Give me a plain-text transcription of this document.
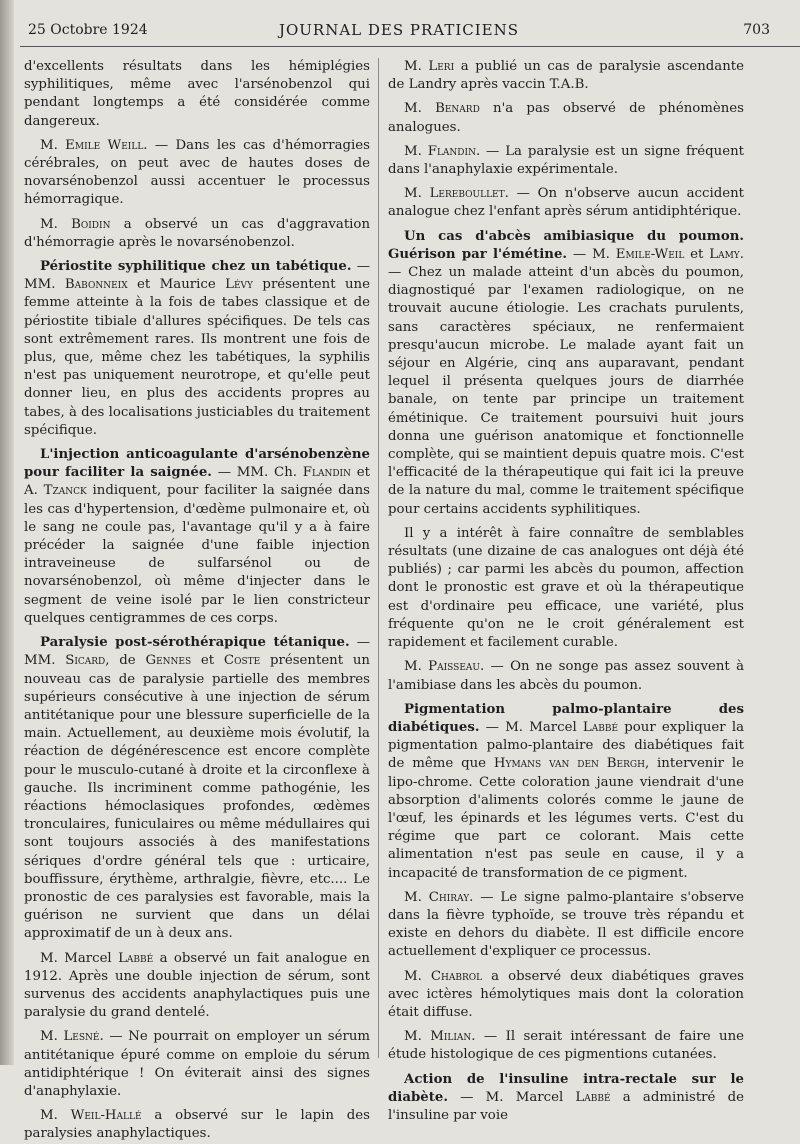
25 Octobre 1924	JOURNAL DES PRATICIENS	703

d'excellents résultats dans les hémiplégies syphilitiques, même avec l'arsénobenzol qui pendant longtemps a été considérée comme dangereux.

M. Emile Weill. — Dans les cas d'hémorragies cérébrales, on peut avec de hautes doses de novarsénobenzol aussi accentuer le processus hémorragique.

M. Boidin a observé un cas d'aggravation d'hémorragie après le novarsénobenzol.

Périostite syphilitique chez un tabétique. — MM. Babonneix et Maurice Lévy présentent une femme atteinte à la fois de tabes classique et de périostite tibiale d'allures spécifiques. De tels cas sont extrêmement rares. Ils montrent une fois de plus, que, même chez les tabétiques, la syphilis n'est pas uniquement neurotrope, et qu'elle peut donner lieu, en plus des accidents propres au tabes, à des localisations justiciables du traitement spécifique.

L'injection anticoagulante d'arsénobenzène pour faciliter la saignée. — MM. Ch. Flandin et A. Tzanck indiquent, pour faciliter la saignée dans les cas d'hypertension, d'œdème pulmonaire et, où le sang ne coule pas, l'avantage qu'il y a à faire précéder la saignée d'une faible injection intraveineuse de sulfarsénol ou de novarsénobenzol, où même d'injecter dans le segment de veine isolé par le lien constricteur quelques centigrammes de ces corps.

Paralysie post-sérothérapique tétanique. — MM. Sicard, de Gennes et Coste présentent un nouveau cas de paralysie partielle des membres supérieurs consécutive à une injection de sérum antitétanique pour une blessure superficielle de la main. Actuellement, au deuxième mois évolutif, la réaction de dégénérescence est encore complète pour le musculo-cutané à droite et la circonflexe à gauche. Ils incriminent comme pathogénie, les réactions hémoclasiques profondes, œdèmes tronculaires, funiculaires ou même médullaires qui sont toujours associés à des manifestations sériques d'ordre général tels que : urticaire, bouffissure, érythème, arthralgie, fièvre, etc.... Le pronostic de ces paralysies est favorable, mais la guérison ne survient que dans un délai approximatif de un à deux ans.

M. Marcel Labbé a observé un fait analogue en 1912. Après une double injection de sérum, sont survenus des accidents anaphylactiques puis une paralysie du grand dentelé.

M. Lesné. — Ne pourrait on employer un sérum antitétanique épuré comme on emploie du sérum antidiphtérique ! On éviterait ainsi des signes d'anaphylaxie.

M. Weil-Hallé a observé sur le lapin des paralysies anaphylactiques.

M. Leri a publié un cas de paralysie ascendante de Landry après vaccin T.A.B.

M. Benard n'a pas observé de phénomènes analogues.

M. Flandin. — La paralysie est un signe fréquent dans l'anaphylaxie expérimentale.

M. Lereboullet. — On n'observe aucun accident analogue chez l'enfant après sérum antidiphtérique.

Un cas d'abcès amibiasique du poumon. Guérison par l'émétine. — M. Emile-Weil et Lamy. — Chez un malade atteint d'un abcès du poumon, diagnostiqué par l'examen radiologique, on ne trouvait aucune étiologie. Les crachats purulents, sans caractères spéciaux, ne renfermaient presqu'aucun microbe. Le malade ayant fait un séjour en Algérie, cinq ans auparavant, pendant lequel il présenta quelques jours de diarrhée banale, on tente par principe un traitement émétinique. Ce traitement poursuivi huit jours donna une guérison anatomique et fonctionnelle complète, qui se maintient depuis quatre mois. C'est l'efficacité de la thérapeutique qui fait ici la preuve de la nature du mal, comme le traitement spécifique pour certains accidents syphilitiques.

Il y a intérêt à faire connaître de semblables résultats (une dizaine de cas analogues ont déjà été publiés) ; car parmi les abcès du poumon, affection dont le pronostic est grave et où la thérapeutique est d'ordinaire peu efficace, une variété, plus fréquente qu'on ne le croit généralement est rapidement et facilement curable.

M. Paisseau. — On ne songe pas assez souvent à l'amibiase dans les abcès du poumon.

Pigmentation palmo-plantaire des diabétiques. — M. Marcel Labbé pour expliquer la pigmentation palmo-plantaire des diabétiques fait de même que Hymans van den Bergh, intervenir le lipo-chrome. Cette coloration jaune viendrait d'une absorption d'aliments colorés comme le jaune de l'œuf, les épinards et les légumes verts. C'est du régime que part ce colorant. Mais cette alimentation n'est pas seule en cause, il y a incapacité de transformation de ce pigment.

M. Chiray. — Le signe palmo-plantaire s'observe dans la fièvre typhoïde, se trouve très répandu et existe en dehors du diabète. Il est difficile encore actuellement d'expliquer ce processus.

M. Chabrol a observé deux diabétiques graves avec ictères hémolytiques mais dont la coloration était diffuse.

M. Milian. — Il serait intéressant de faire une étude histologique de ces pigmentions cutanées.

Action de l'insuline intra-rectale sur le diabète. — M. Marcel Labbé a administré de l'insuline par voie
